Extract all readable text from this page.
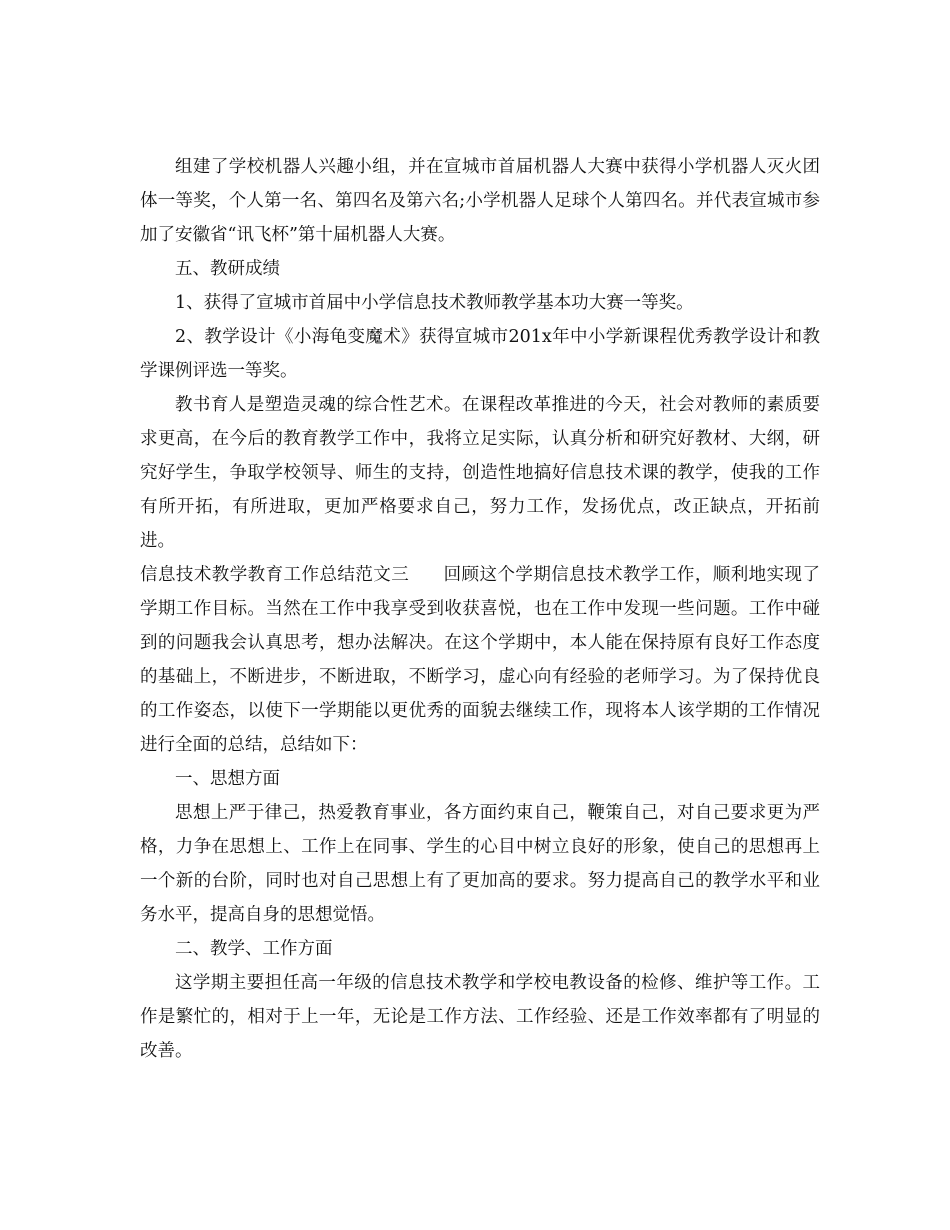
组建了学校机器人兴趣小组，并在宣城市首届机器人大赛中获得小学机器人灭火团体一等奖，个人第一名、第四名及第六名;小学机器人足球个人第四名。并代表宣城市参加了安徽省“讯飞杯”第十届机器人大赛。

五、教研成绩

1、获得了宣城市首届中小学信息技术教师教学基本功大赛一等奖。

2、教学设计《小海龟变魔术》获得宣城市201x年中小学新课程优秀教学设计和教学课例评选一等奖。

教书育人是塑造灵魂的综合性艺术。在课程改革推进的今天，社会对教师的素质要求更高，在今后的教育教学工作中，我将立足实际，认真分析和研究好教材、大纲，研究好学生，争取学校领导、师生的支持，创造性地搞好信息技术课的教学，使我的工作有所开拓，有所进取，更加严格要求自己，努力工作，发扬优点，改正缺点，开拓前进。

信息技术教学教育工作总结范文三 回顾这个学期信息技术教学工作，顺利地实现了学期工作目标。当然在工作中我享受到收获喜悦，也在工作中发现一些问题。工作中碰到的问题我会认真思考，想办法解决。在这个学期中，本人能在保持原有良好工作态度的基础上，不断进步，不断进取，不断学习，虚心向有经验的老师学习。为了保持优良的工作姿态，以使下一学期能以更优秀的面貌去继续工作，现将本人该学期的工作情况进行全面的总结，总结如下：

一、思想方面

思想上严于律己，热爱教育事业，各方面约束自己，鞭策自己，对自己要求更为严格，力争在思想上、工作上在同事、学生的心目中树立良好的形象，使自己的思想再上一个新的台阶，同时也对自己思想上有了更加高的要求。努力提高自己的教学水平和业务水平，提高自身的思想觉悟。

二、教学、工作方面

这学期主要担任高一年级的信息技术教学和学校电教设备的检修、维护等工作。工作是繁忙的，相对于上一年，无论是工作方法、工作经验、还是工作效率都有了明显的改善。
